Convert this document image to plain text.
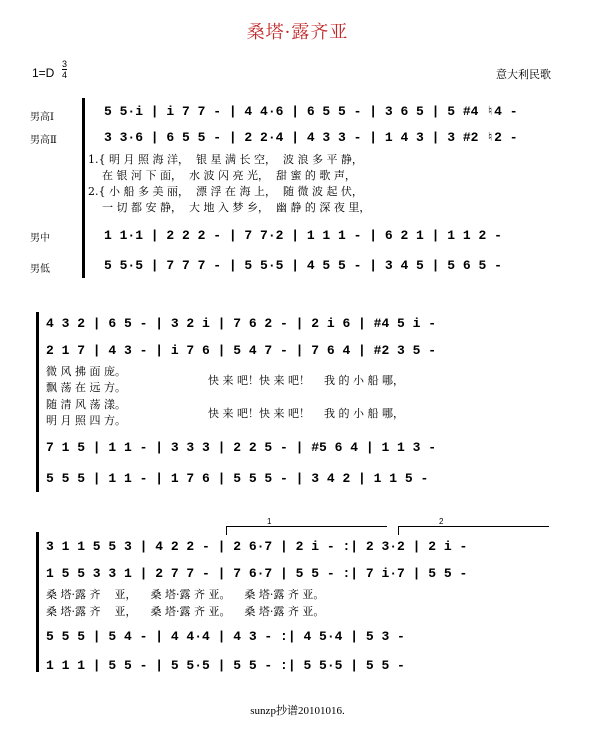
桑塔·露齐亚
1=D
3
4	意大利民歌
男高Ⅰ
男高Ⅱ
男中
男低
5 5·i | i 7 7 - | 4 4·6 | 6 5 5 - | 3 6 5 | 5 #4 ♮4 -
3 3·6 | 6 5 5 - | 2 2·4 | 4 3 3 - | 1 4 3 | 3 #2 ♮2 -
1.{ 明 月 照 海 洋，  银 星 满 长 空，  波 浪 多 平 静，
在 银 河 下 面，  水 波 闪 亮 光，  甜 蜜 的 歌 声，
2.{ 小 船 多 美 丽，  漂 浮 在 海 上，  随 微 波 起 伏，
一 切 都 安 静，  大 地 入 梦 乡，  幽 静 的 深 夜 里，
1 1·1 | 2 2 2 - | 7 7·2 | 1 1 1 - | 6 2 1 | 1 1 2 -
5 5·5 | 7 7 7 - | 5 5·5 | 4 5 5 - | 3 4 5 | 5 6 5 -
4 3 2 | 6 5 - | 3 2 i | 7 6 2 - | 2 i 6 | #4 5 i -
2 1 7 | 4 3 - | i 7 6 | 5 4 7 - | 7 6 4 | #2 3 5 -
微 风 拂 面 庞。
飘 荡 在 远 方。
随 清 风 荡 漾。
明 月 照 四 方。
快 来 吧！快 来 吧！    我 的 小 船 哪，
快 来 吧！快 来 吧！    我 的 小 船 哪，
7 1 5 | 1 1 - | 3 3 3 | 2 2 5 - | #5 6 4 | 1 1 3 -
5 5 5 | 1 1 - | 1 7 6 | 5 5 5 - | 3 4 2 | 1 1 5 -
1	2
3 1 1 5 5 3 | 4 2 2 - | 2 6·7 | 2 i - :| 2 3·2 | 2 i -
1 5 5 3 3 1 | 2 7 7 - | 7 6·7 | 5 5 - :| 7 i·7 | 5 5 -
桑 塔·露 齐    亚，    桑 塔·露 齐 亚。    桑 塔·露 齐 亚。
桑 塔·露 齐    亚，    桑 塔·露 齐 亚。    桑 塔·露 齐 亚。
5 5 5 | 5 4 - | 4 4·4 | 4 3 - :| 4 5·4 | 5 3 -
1 1 1 | 5 5 - | 5 5·5 | 5 5 - :| 5 5·5 | 5 5 -
sunzp抄谱20101016.
